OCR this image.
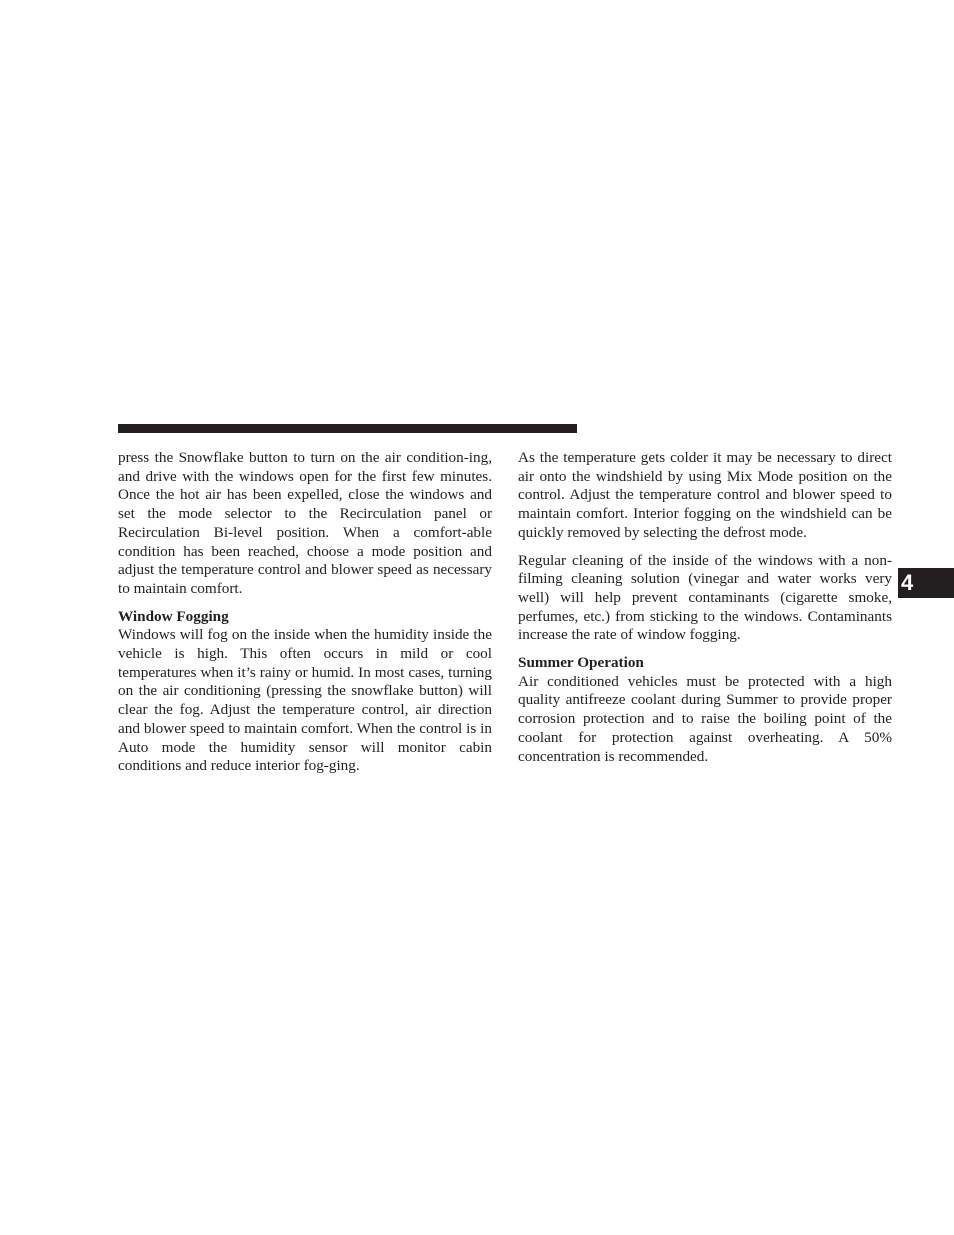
press the Snowflake button to turn on the air condition-ing, and drive with the windows open for the first few minutes. Once the hot air has been expelled, close the windows and set the mode selector to the Recirculation panel or Recirculation Bi-level position. When a comfort-able condition has been reached, choose a mode position and adjust the temperature control and blower speed as necessary to maintain comfort.

Window Fogging

Windows will fog on the inside when the humidity inside the vehicle is high. This often occurs in mild or cool temperatures when it’s rainy or humid. In most cases, turning on the air conditioning (pressing the snowflake button) will clear the fog. Adjust the temperature control, air direction and blower speed to maintain comfort. When the control is in Auto mode the humidity sensor will monitor cabin conditions and reduce interior fog-ging.

As the temperature gets colder it may be necessary to direct air onto the windshield by using Mix Mode position on the control. Adjust the temperature control and blower speed to maintain comfort. Interior fogging on the windshield can be quickly removed by selecting the defrost mode.

Regular cleaning of the inside of the windows with a non-filming cleaning solution (vinegar and water works very well) will help prevent contaminants (cigarette smoke, perfumes, etc.) from sticking to the windows. Contaminants increase the rate of window fogging.

Summer Operation

Air conditioned vehicles must be protected with a high quality antifreeze coolant during Summer to provide proper corrosion protection and to raise the boiling point of the coolant for protection against overheating. A 50% concentration is recommended.

4
